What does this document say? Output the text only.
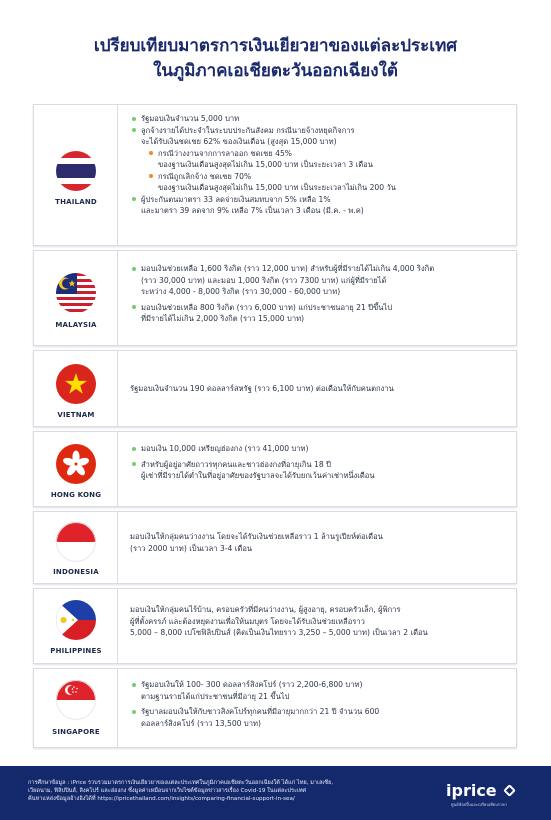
เปรียบเทียบมาตรการเงินเยียวยาของแต่ละประเทศ
ในภูมิภาคเอเชียตะวันออกเฉียงใต้
THAILAND
รัฐมอบเงินจำนวน 5,000 บาท
ลูกจ้างรายได้ประจำในระบบประกันสังคม กรณีนายจ้างหยุดกิจการ
จะได้รับเงินชดเชย 62% ของเงินเดือน (สูงสุด 15,000 บาท)
กรณีว่างงานจากการลาออก ชดเชย 45%
ของฐานเงินเดือนสูงสุดไม่เกิน 15,000 บาท เป็นระยะเวลา 3 เดือน
กรณีถูกเลิกจ้าง ชดเชย 70%
ของฐานเงินเดือนสูงสุดไม่เกิน 15,000 บาท เป็นระยะเวลาไม่เกิน 200 วัน
ผู้ประกันตนมาตรา 33 ลดจ่ายเงินสมทบจาก 5% เหลือ 1%
และมาตรา 39 ลดจาก 9% เหลือ 7% เป็นเวลา 3 เดือน (มี.ค. - พ.ค)
MALAYSIA
มอบเงินช่วยเหลือ 1,600 ริงกิต (ราว 12,000 บาท) สำหรับผู้ที่มีรายได้ไม่เกิน 4,000 ริงกิต
(ราว 30,000 บาท) และมอบ 1,000 ริงกิต (ราว 7300 บาท) แก่ผู้ที่มีรายได้
ระหว่าง 4,000 - 8,000 ริงกิต (ราว 30,000 - 60,000 บาท)
มอบเงินช่วยเหลือ 800 ริงกิต (ราว 6,000 บาท) แก่ประชาชนอายุ 21 ปีขึ้นไป
ที่มีรายได้ไม่เกิน 2,000 ริงกิต (ราว 15,000 บาท)
VIETNAM
รัฐมอบเงินจำนวน 190 ดอลลาร์สหรัฐ (ราว 6,100 บาท) ต่อเดือนให้กับคนตกงาน
HONG KONG
มอบเงิน 10,000 เหรียญฮ่องกง (ราว 41,000 บาท)
สำหรับผู้อยู่อาศัยถาวรทุกคนและชาวฮ่องกงที่อายุเกิน 18 ปี
ผู้เช่าที่มีรายได้ต่ำในที่อยู่อาศัยของรัฐบาลจะได้รับยกเว้นค่าเช่าหนึ่งเดือน
INDONESIA
มอบเงินให้กลุ่มคนว่างงาน โดยจะได้รับเงินช่วยเหลือราว 1 ล้านรูเปียห์ต่อเดือน
(ราว 2000 บาท) เป็นเวลา 3-4 เดือน
PHILIPPINES
มอบเงินให้กลุ่มคนไร้บ้าน, ครอบครัวที่มีคนว่างงาน, ผู้สูงอายุ, ครอบครัวเล็ก, ผู้พิการ
ผู้ที่ตั้งครรภ์ และต้องหยุดงานเพื่อให้นมบุตร โดยจะได้รับเงินช่วยเหลือราว
5,000 – 8,000 เปโซฟิลิปปินส์ (คิดเป็นเงินไทยราว 3,250 – 5,000 บาท) เป็นเวลา 2 เดือน
SINGAPORE
รัฐมอบเงินให้ 100- 300 ดอลลาร์สิงคโปร์ (ราว 2,200-6,800 บาท)
ตามฐานรายได้แก่ประชาชนที่มีอายุ 21 ขึ้นไป
รัฐบาลมอบเงินให้กับชาวสิงคโปร์ทุกคนที่มีอายุมากกว่า 21 ปี จำนวน 600
ดอลลาร์สิงคโปร์ (ราว 13,500 บาท)
การศึกษาข้อมูล : iPrice รวบรวมมาตรการเงินเยียวยาของแต่ละประเทศในภูมิภาคเอเชียตะวันออกเฉียงใต้ ได้แก่ ไทย, มาเลเซีย,
เวียดนาม, ฟิลิปปินส์, สิงคโปร์ และฮ่องกง ซึ่งมูลค่าเหมือนจากเว็บไซต์ข้อมูลข่าวสารเรื่อง Covid-19 ในแต่ละประเทศ
ค้นหาแหล่งข้อมูลอ้างอิงได้ที่ https://ipricethailand.com/insights/comparing-financial-support-in-sea/	iprice
ศูนย์ช้อปปิ้งและเปรียบเทียบราคา
